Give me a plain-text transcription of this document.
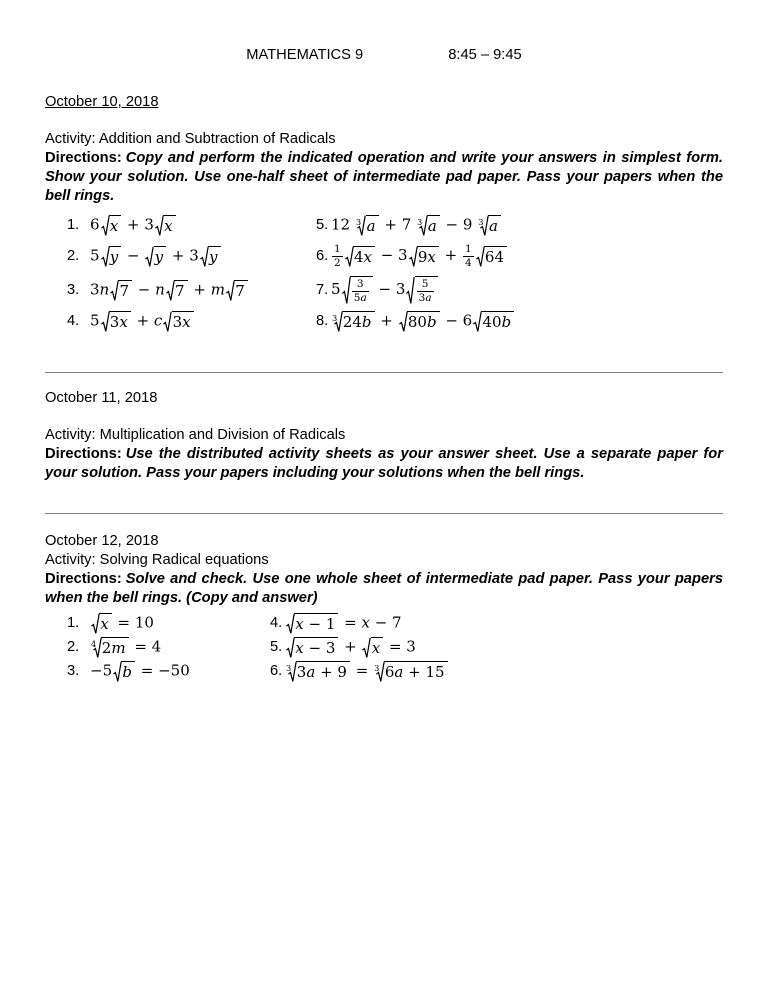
MATHEMATICS 9	8:45 – 9:45
October 10, 2018
Activity: Addition and Subtraction of Radicals

Directions: Copy and perform the indicated operation and write your answers in simplest form. Show your solution. Use one-half sheet of intermediate pad paper. Pass your papers when the bell rings.

1. 6 x + 3 x	5. 12 $^3$ a + 7 $^3$ a − 9 $^3$ a
2. 5 y − y + 3 y	6. $\frac{1}{2} 4x - 3$ $9x + \frac{1}{4} 64$
3. 3n 7 − n 7 + m 7	7. $5 \frac{3}{5a} - 3 \frac{5}{3a}$
4. 5 3x + c 3x	8. $^3$ 24b + 80b − 6 40b
October 11, 2018
Activity: Multiplication and Division of Radicals

Directions: Use the distributed activity sheets as your answer sheet. Use a separate paper for your solution. Pass your papers including your solutions when the bell rings.

October 12, 2018
Activity: Solving Radical equations

Directions: Solve and check. Use one whole sheet of intermediate pad paper. Pass your papers when the bell rings. (Copy and answer)

1.	x = 10	4. x − 1 = x − 7
2.	$^4$ 2m = 4	5. x − 3 + x = 3
3. −5 b = −50	6. $^3$ 3a + 9 = $^3$ 6a + 15
